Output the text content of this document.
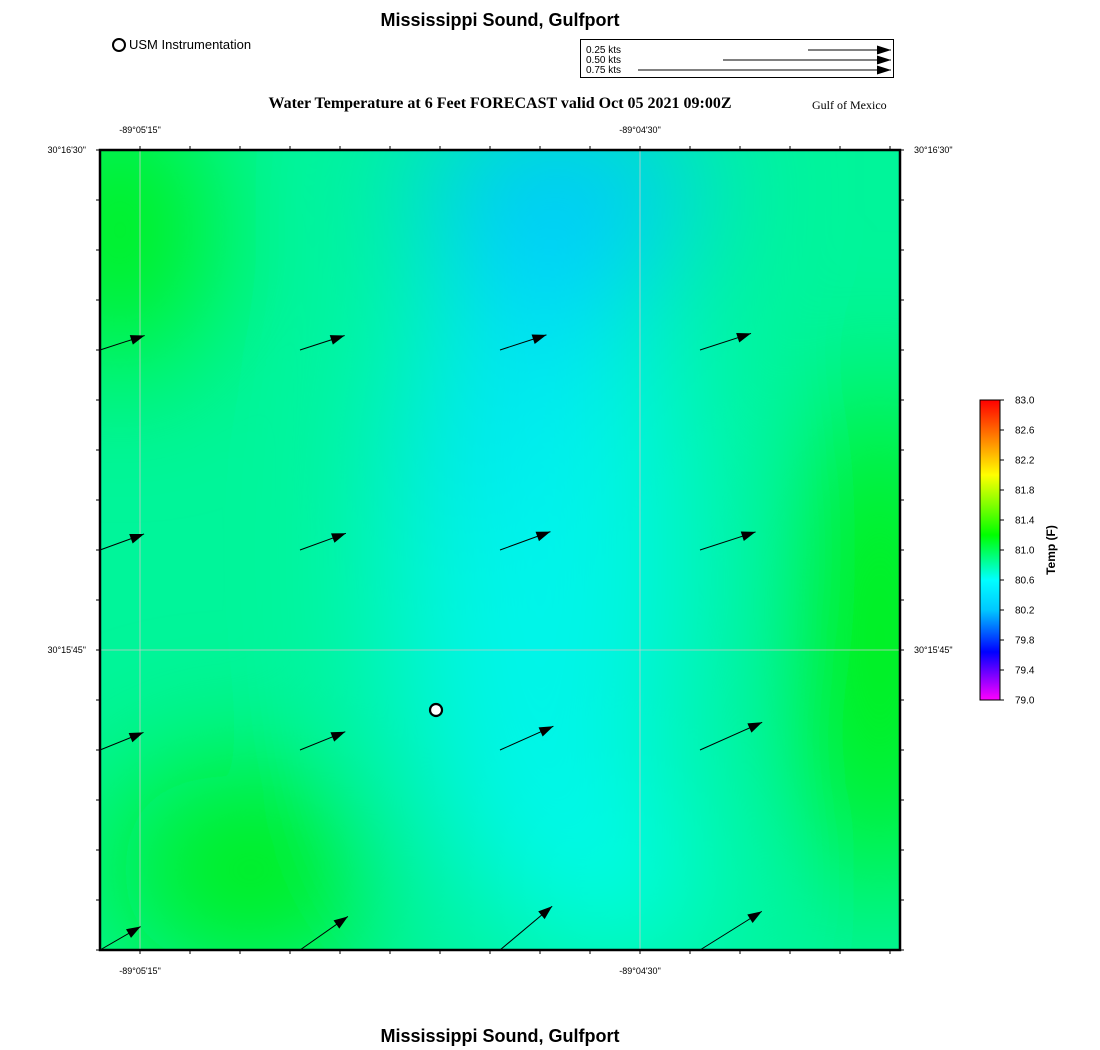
Mississippi Sound, Gulfport
USM Instrumentation	0.25 kts
0.50 kts
0.75 kts
Water Temperature at 6 Feet FORECAST valid Oct 05 2021 09:00Z	Gulf of Mexico
-89°05'15"	-89°04'30"
-89°05'15"	-89°04'30"
30°16'30"
30°15'45"
30°16'30"
30°15'45"
83.0
82.6
82.2
81.8
81.4
81.0
80.6
80.2
79.8
79.4
79.0
Temp (F)
Mississippi Sound, Gulfport
